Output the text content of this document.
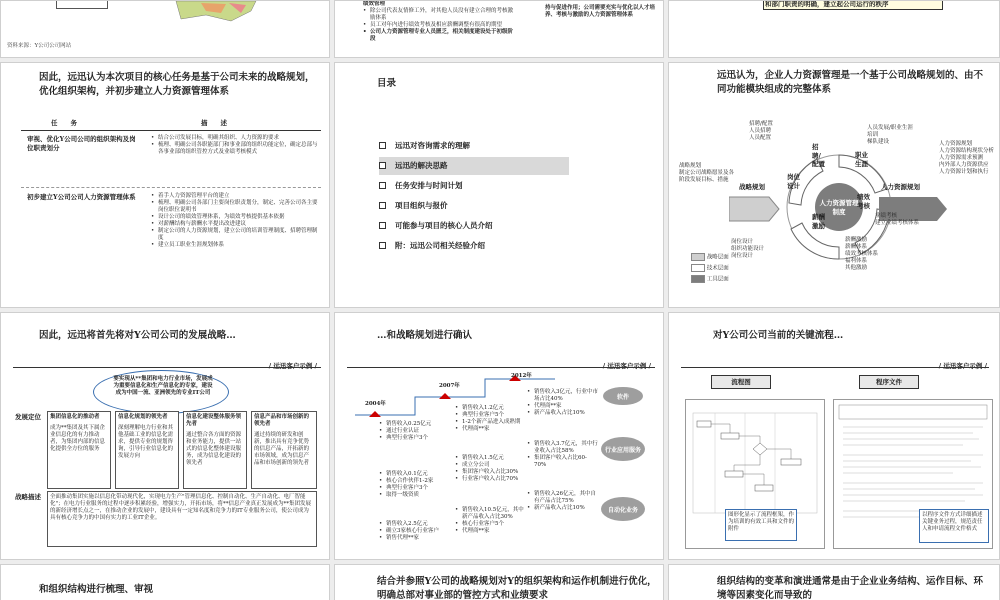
资料来源：Y公司公司网站
绩效管理
• 除公司代表友情修工外，对其他人员没有建立合理的考核激励体系
• 员工对年内进行绩效考核及相应薪酬调整有很高的期望
• 公司人力资源管理专业人员匮乏，相关制度建设处于初级阶段
持与促进作用；公司需要充实与优化以人才培养、考核与激励的人力资源管理体系
和部门职责的明确，建立起公司运行的秩序
因此，远迅认为本次项目的核心任务是基于公司未来的战略规划，优化组织架构，并初步建立人力资源管理体系
任　　务	描　　述
审视、优化Y公司公司的组织架构及岗位职责划分
• 结合公司发展目标，明确其组织、人力资源的要求
• 梳理、明确公司各职能部门和事业部的组织功能定位，确定总部与各事业部的组织管控方式及业绩考核模式
初步建立Y公司公司人力资源管理体系
•	着手人力资源管理平台的建立
• 梳理、明确公司各部门主要岗位职责划分，制定、完善公司各主要岗位职位说明书
• 设计公司的绩效管理体系，为绩效考核提供基本依据
• 对薪酬结构与薪酬水平提出改进建议
• 制定公司的人力资源规划，建立公司的培训管理制度、招聘管理制度
• 建立员工职业生涯规划体系
目录
远迅对咨询需求的理解
远迅的解决思路
任务安排与时间计划
项目组织与报价
可能参与项目的核心人员介绍
附：远迅公司相关经验介绍
远迅认为，企业人力资源管理是一个基于公司战略规划的、由不同功能模块组成的完整体系
人力资源管理制度
招聘/配置
职业生涯
绩效考核
薪酬激励
岗位设计
战略规划	人力资源规划
招聘/配置
人员招聘
人员配置
人员发展/职业生涯
培训
梯队建设
战略规划
制定公司战略愿景及各阶段发展目标、措施
人力资源规划
人力资源结构现状分析
人力资源需求预测
内外部人力资源供应
人力资源计划和执行
岗位设计
组织功能设计
岗位设计
业绩考核
建立业绩考核体系
薪酬激励
薪酬体系
绩效考核体系
福利体系
其他激励
战略层面
技术层面
工具层面
因此，远迅将首先将对Y公司公司的发展战略…
/ 远迅客户示例 /
要实现从**集团和电力行业市场，发展成为重要信息化和生产信息化的专家，建设成为中国一流、亚洲领先的专业IT公司
发展定位 集团信息化的推动者
成为**集团及其下属企业信息化的有力推动者，为集团内部的信息化提供全方位的服务
信息化规划的领先者
深刻理解电力行业和其他基础工业的信息化需求，提供专业的规划咨询，引导行业信息化的发展方向
信息化建设整体服务领先者
通过整合各方面的资源和业务能力，提供一站式的信息化整体建设服务，成为信息化建设的领先者
信息产品和市场创新的领先者
通过持续的研发和创新，推出具有竞争优势的信息产品，开拓新的市场领域，成为信息产品和市场创新的领先者
战略描述	全面推动集团实施以信息化带动现代化，实现电力生产"管理信息化、控制自动化、生产自动化、电厂智能化"；在电力行业服务的过程中逐步积累经验，增强实力，开拓市场，将**信息产业真正发展成为**集团发展的新经济增长点之一，在推动企业的发展中，建设具有一定知名度和竞争力的IT专业服务公司，使公司成为具有核心竞争力的中国有实力的工业IT企业。
…和战略规划进行确认
/ 远迅客户示例 /
2004年
2007年
2012年
• 销售收入0.25亿元
• 通过行业认证
• 典型行业客户3个
• 销售收入0.1亿元
• 核心合作伙伴1-2家
• 典型行业客户3个
• 取得一级资质
• 销售收入2.5亿元
• 确立3家核心行业客户
• 销售代理**家
• 销售收入1.2亿元
• 典型行业客户5个
• 1-2个新产品进入成熟期
• 代理商**家
• 销售收入1.5亿元
• 成立分公司
• 集团客户收入占比30%
• 行业客户收入占比70%
• 销售收入10.5亿元，其中新产品收入占比30%
• 核心行业客户5个
• 代理商**家
• 销售收入3亿元，行业中市场占比40%
• 代理商**家
• 新产品收入占比10%
• 销售收入3.7亿元，其中行业收入占比58%
• 集团客户收入占比60-70%
• 销售收入26亿元，其中自有产品占比75%
• 新产品收入占比10%
软件
行业应用服务
自动化业务
对Y公司公司当前的关键流程…
/ 远迅客户示例 /
流程图	程序文件
图形化显示了流程框架，作为培训的有效工具和文件的附件
以程序文件方式详细描述关键业务过程，规范责任人和申请流程文件格式
和组织结构进行梳理、审视
结合并参照Y公司的战略规划对Y的组织架构和运作机制进行优化，明确总部对事业部的管控方式和业绩要求
组织结构的变革和演进通常是由于企业业务结构、运作目标、环境等因素变化而导致的
